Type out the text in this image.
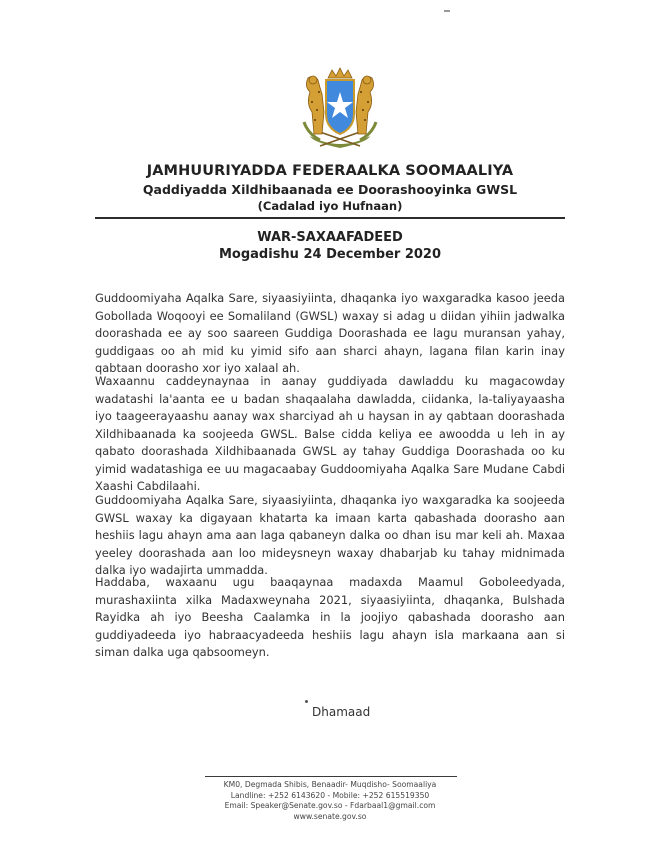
JAMHUURIYADDA FEDERAALKA SOOMAALIYA
Qaddiyadda Xildhibaanada ee Doorashooyinka GWSL
(Cadalad iyo Hufnaan)
WAR-SAXAAFADEED
Mogadishu 24 December 2020

Guddoomiyaha Aqalka Sare, siyaasiyiinta, dhaqanka iyo waxgaradka kasoo jeeda Gobollada Woqooyi ee Somaliland (GWSL) waxay si adag u diidan yihiin jadwalka doorashada ee ay soo saareen Guddiga Doorashada ee lagu muransan yahay, guddigaas oo ah mid ku yimid sifo aan sharci ahayn, lagana filan karin inay qabtaan doorasho xor iyo xalaal ah.

Waxaannu caddeynaynaa in aanay guddiyada dawladdu ku magacowday wadatashi la'aanta ee u badan shaqaalaha dawladda, ciidanka, la-taliyayaasha iyo taageerayaashu aanay wax sharciyad ah u haysan in ay qabtaan doorashada Xildhibaanada ka soojeeda GWSL. Balse cidda keliya ee awoodda u leh in ay qabato doorashada Xildhibaanada GWSL ay tahay Guddiga Doorashada oo ku yimid wadatashiga ee uu magacaabay Guddoomiyaha Aqalka Sare Mudane Cabdi Xaashi Cabdilaahi.

Guddoomiyaha Aqalka Sare, siyaasiyiinta, dhaqanka iyo waxgaradka ka soojeeda GWSL waxay ka digayaan khatarta ka imaan karta qabashada doorasho aan heshiis lagu ahayn ama aan laga qabaneyn dalka oo dhan isu mar keli ah. Maxaa yeeley doorashada aan loo mideysneyn waxay dhabarjab ku tahay midnimada dalka iyo wadajirta ummadda.

Haddaba, waxaanu ugu baaqaynaa madaxda Maamul Goboleedyada, murashaxiinta xilka Madaxweynaha 2021, siyaasiyiinta, dhaqanka, Bulshada Rayidka ah iyo Beesha Caalamka in la joojiyo qabashada doorasho aan guddiyadeeda iyo habraacyadeeda heshiis lagu ahayn isla markaana aan si siman dalka uga qabsoomeyn.

Dhamaad
KM0, Degmada Shibis, Benaadir- Muqdisho- Soomaaliya
Landline: +252 6143620 - Mobile: +252 615519350
Email: Speaker@Senate.gov.so - Fdarbaal1@gmail.com
www.senate.gov.so
